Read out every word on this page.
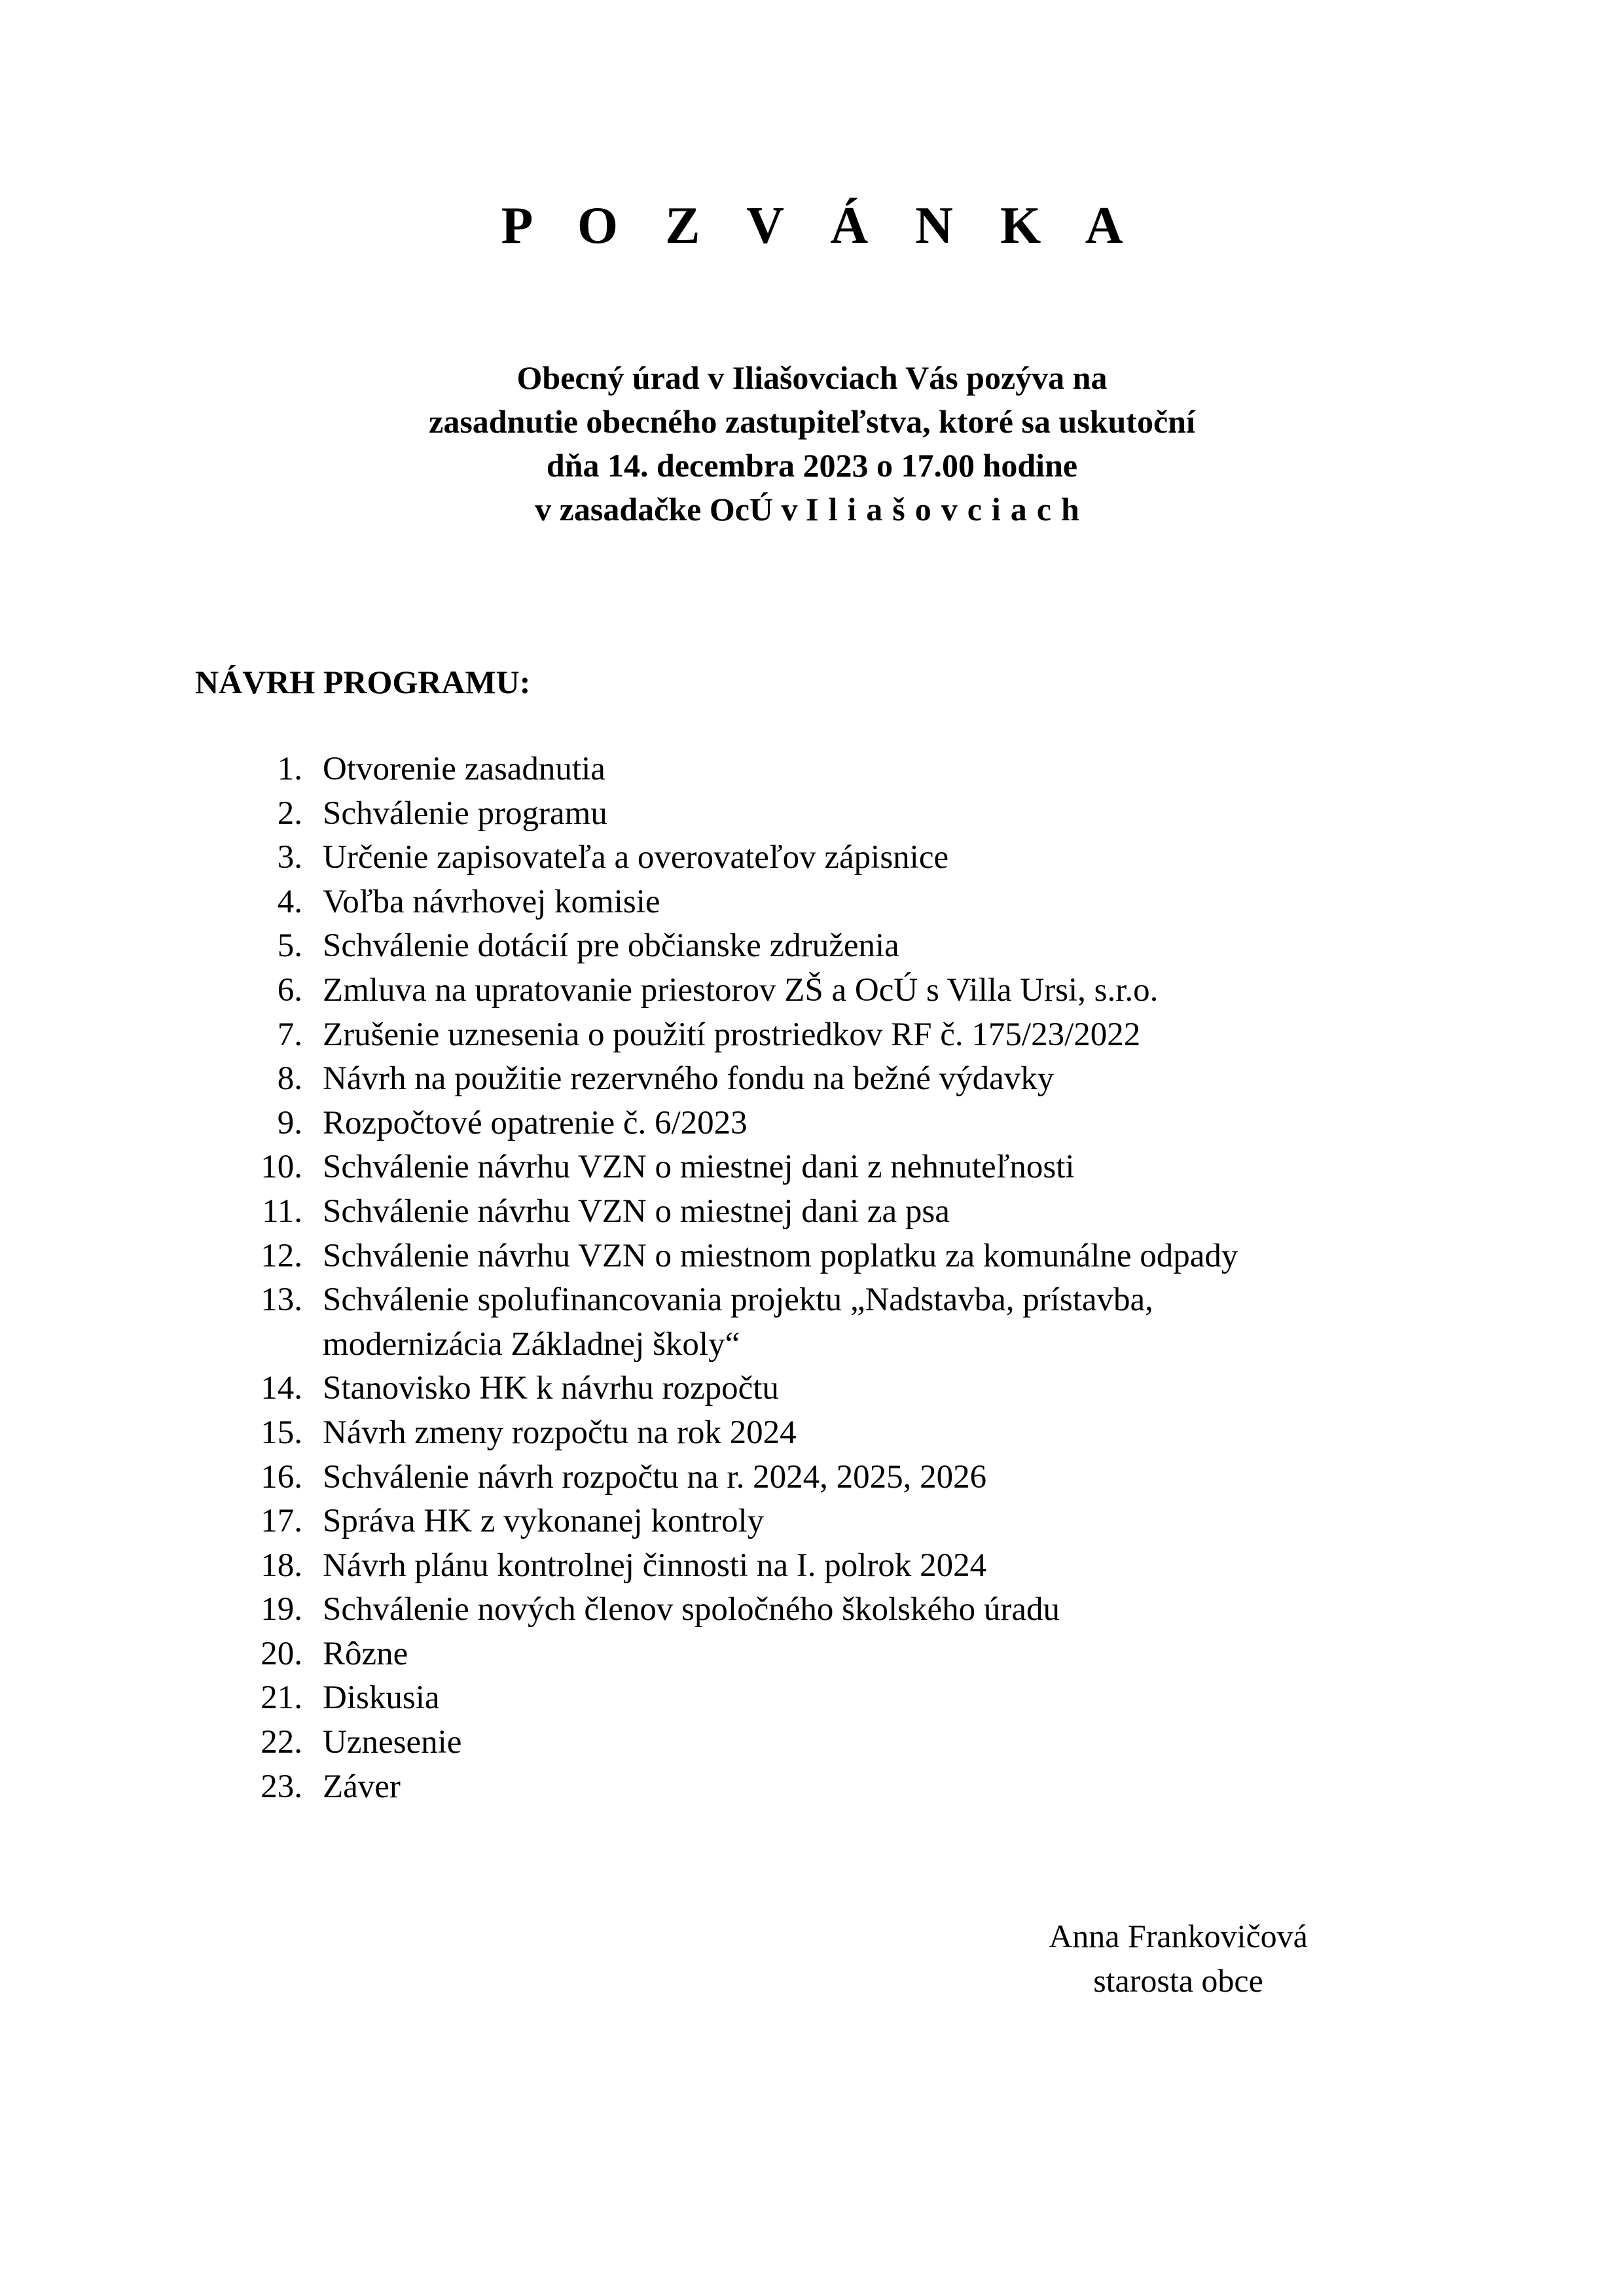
P O Z V Á N K A
Obecný úrad v Iliašovciach Vás pozýva na
zasadnutie obecného zastupiteľstva, ktoré sa uskutoční
dňa 14. decembra 2023 o 17.00 hodine
v zasadačke OcÚ v Iliašovciach
NÁVRH PROGRAMU:
1. Otvorenie zasadnutia
2. Schválenie programu
3. Určenie zapisovateľa a overovateľov zápisnice
4. Voľba návrhovej komisie
5. Schválenie dotácií pre občianske združenia
6. Zmluva na upratovanie priestorov ZŠ a OcÚ s Villa Ursi, s.r.o.
7. Zrušenie uznesenia o použití prostriedkov RF č. 175/23/2022
8. Návrh na použitie rezervného fondu na bežné výdavky
9. Rozpočtové opatrenie č. 6/2023
10. Schválenie návrhu VZN o miestnej dani z nehnuteľnosti
11. Schválenie návrhu VZN o miestnej dani za psa
12. Schválenie návrhu VZN o miestnom poplatku za komunálne odpady
13. Schválenie spolufinancovania projektu „Nadstavba, prístavba,
modernizácia Základnej školy“
14. Stanovisko HK k návrhu rozpočtu
15. Návrh zmeny rozpočtu na rok 2024
16. Schválenie návrh rozpočtu na r. 2024, 2025, 2026
17. Správa HK z vykonanej kontroly
18. Návrh plánu kontrolnej činnosti na I. polrok 2024
19. Schválenie nových členov spoločného školského úradu
20. Rôzne
21. Diskusia
22. Uznesenie
23. Záver
Anna Frankovičová
starosta obce
